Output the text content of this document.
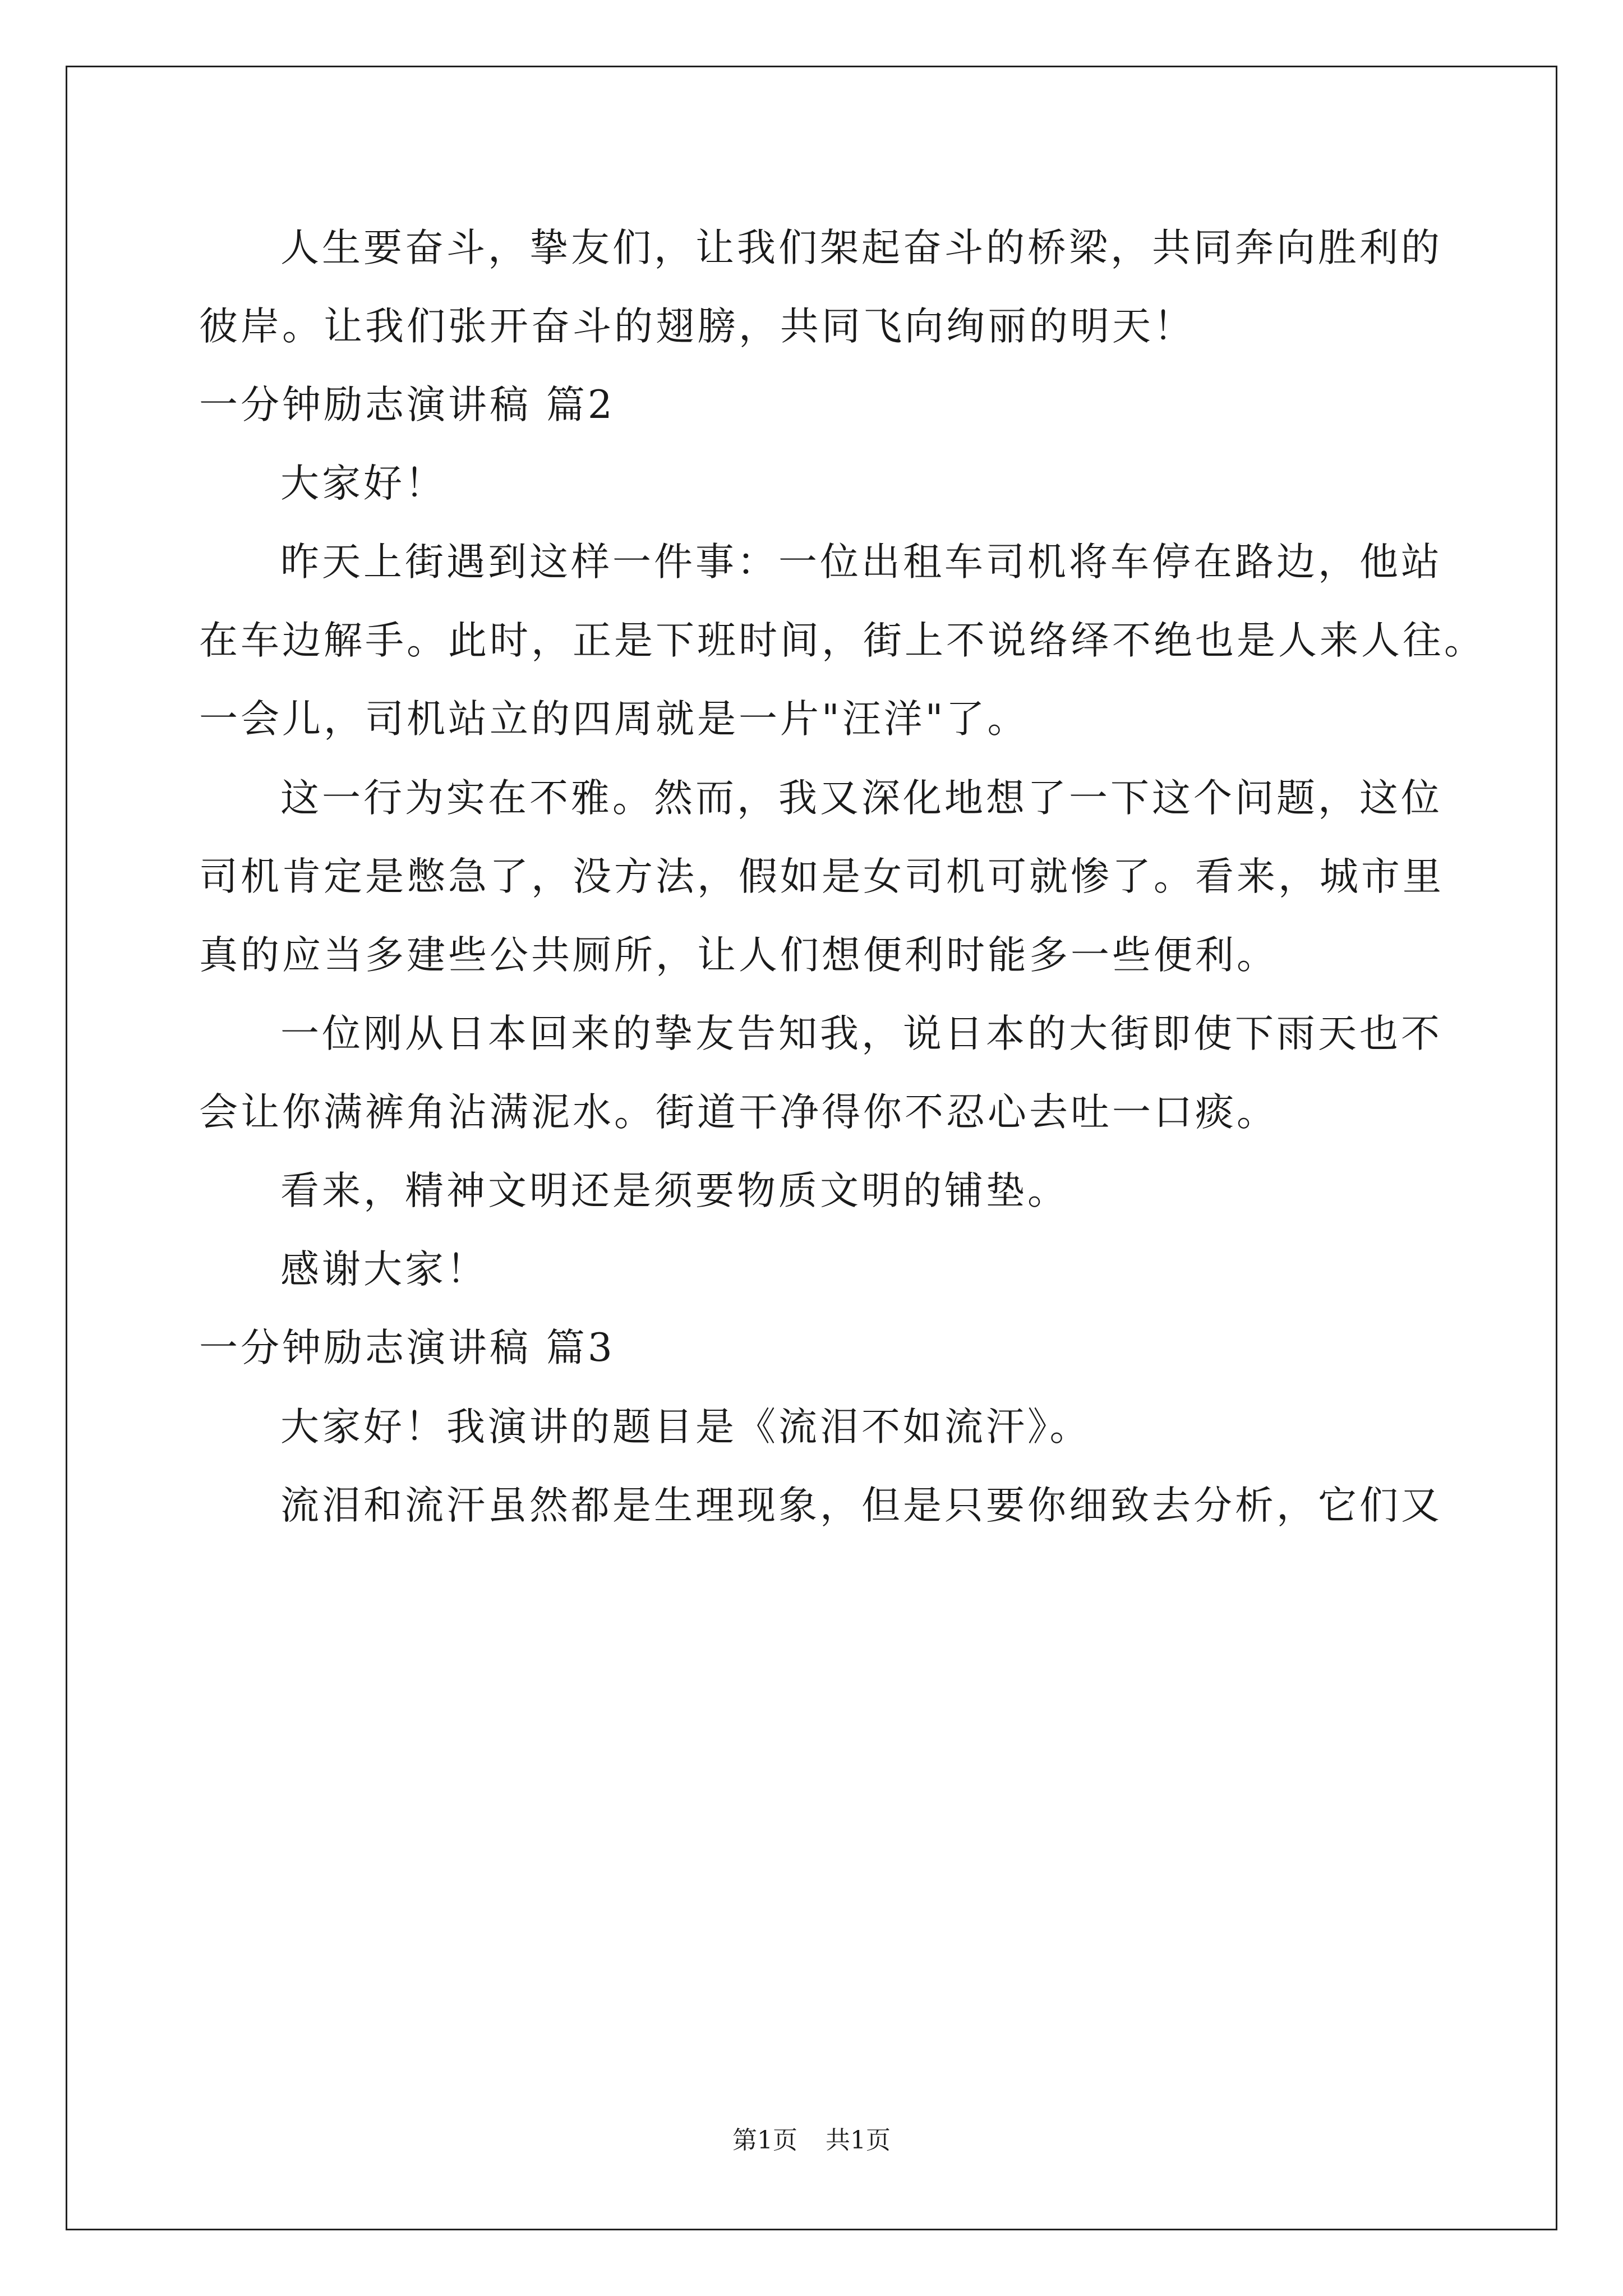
人生要奋斗，挚友们，让我们架起奋斗的桥梁，共同奔向胜利的
彼岸。让我们张开奋斗的翅膀，共同飞向绚丽的明天！
一分钟励志演讲稿 篇2
大家好！
昨天上街遇到这样一件事：一位出租车司机将车停在路边，他站
在车边解手。此时，正是下班时间，街上不说络绎不绝也是人来人往。
一会儿，司机站立的四周就是一片"汪洋"了。
这一行为实在不雅。然而，我又深化地想了一下这个问题，这位
司机肯定是憋急了，没方法，假如是女司机可就惨了。看来，城市里
真的应当多建些公共厕所，让人们想便利时能多一些便利。
一位刚从日本回来的挚友告知我，说日本的大街即使下雨天也不
会让你满裤角沾满泥水。街道干净得你不忍心去吐一口痰。
看来，精神文明还是须要物质文明的铺垫。
感谢大家！
一分钟励志演讲稿 篇3
大家好！我演讲的题目是《流泪不如流汗》。
流泪和流汗虽然都是生理现象，但是只要你细致去分析，它们又
第1页 共1页
